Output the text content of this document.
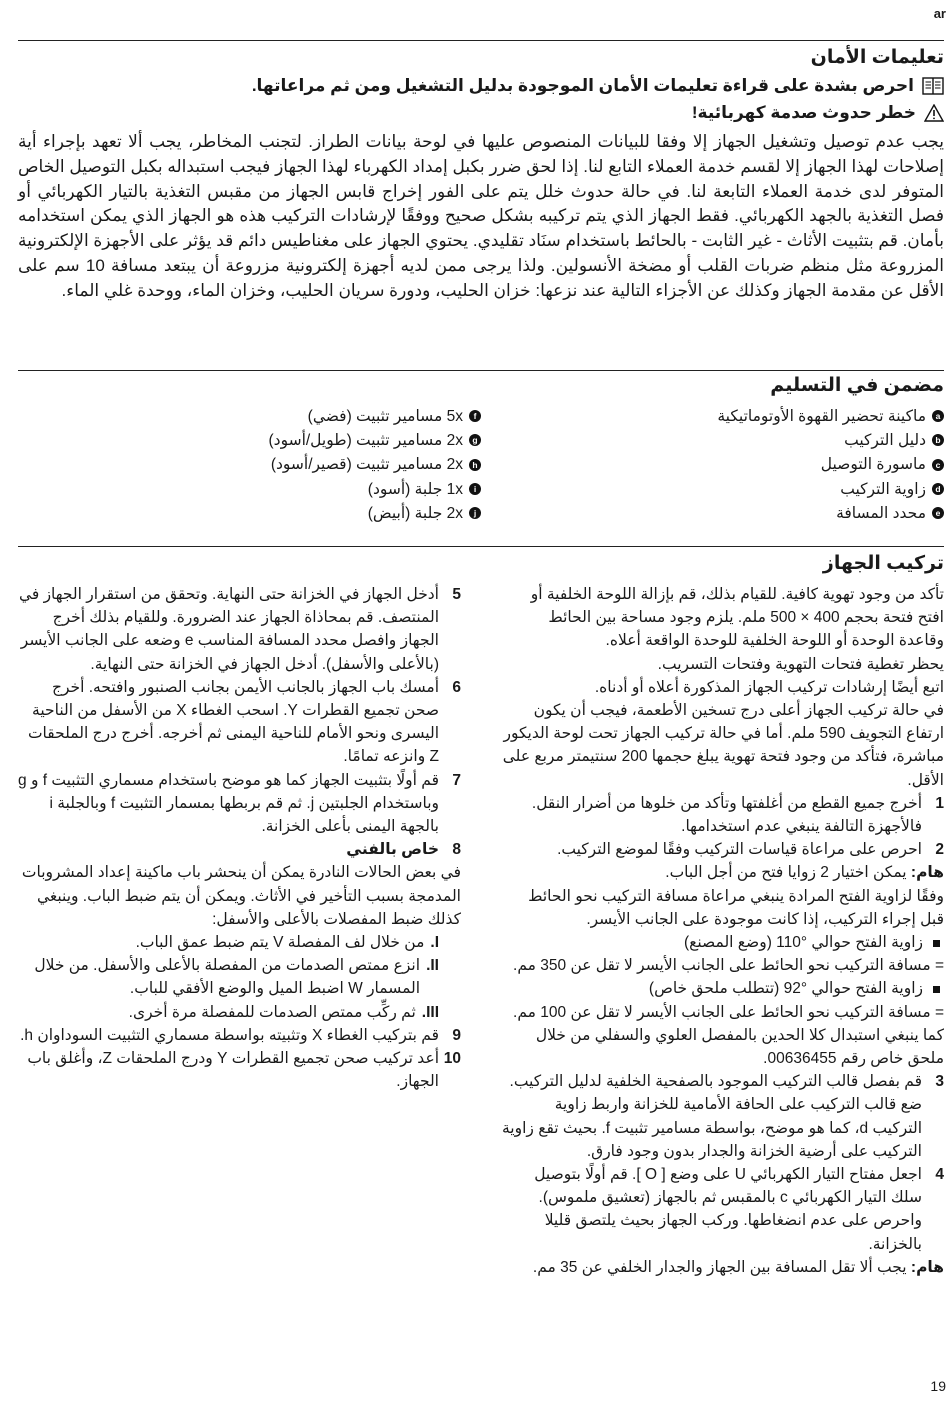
ar
تعليمات الأمان
احرص بشدة على قراءة تعليمات الأمان الموجودة بدليل التشغيل ومن ثم مراعاتها.
خطر حدوث صدمة كهربائية!

يجب عدم توصيل وتشغيل الجهاز إلا وفقا للبيانات المنصوص عليها في لوحة بيانات الطراز. لتجنب المخاطر، يجب ألا تعهد بإجراء أية إصلاحات لهذا الجهاز إلا لقسم خدمة العملاء التابع لنا. إذا لحق ضرر بكبل إمداد الكهرباء لهذا الجهاز فيجب استبداله بكبل التوصيل الخاص المتوفر لدى خدمة العملاء التابعة لنا. في حالة حدوث خلل يتم على الفور إخراج قابس الجهاز من مقبس التغذية بالتيار الكهربائي أو فصل التغذية بالجهد الكهربائي. فقط الجهاز الذي يتم تركيبه بشكل صحيح ووفقًا لإرشادات التركيب هذه هو الجهاز الذي يمكن استخدامه بأمان. قم بتثبيت الأثاث - غير الثابت - بالحائط باستخدام سنَاد تقليدي. يحتوي الجهاز على مغناطيس دائم قد يؤثر على الأجهزة الإلكترونية المزروعة مثل منظم ضربات القلب أو مضخة الأنسولين. ولذا يرجى ممن لديه أجهزة إلكترونية مزروعة أن يبتعد مسافة 10 سم على الأقل عن مقدمة الجهاز وكذلك عن الأجزاء التالية عند نزعها: خزان الحليب، ودورة سريان الحليب، وخزان الماء، ووحدة غلي الماء.

مضمن في التسليم
a
ماكينة تحضير القهوة الأوتوماتيكية
b
دليل التركيب
c
ماسورة التوصيل
d
زاوية التركيب
e
محدد المسافة
f
5x مسامير تثبيت (فضي)
g
2x مسامير تثبيت (طويل/أسود)
h
2x مسامير تثبيت (قصير/أسود)
i
1x جلبة (أسود)
j
2x جلبة (أبيض)
تركيب الجهاز

تأكد من وجود تهوية كافية. للقيام بذلك، قم بإزالة اللوحة الخلفية أو افتح فتحة بحجم 400 × 500 ملم. يلزم وجود مساحة بين الحائط وقاعدة الوحدة أو اللوحة الخلفية للوحدة الواقعة أعلاه.

يحظر تغطية فتحات التهوية وفتحات التسريب.

اتبع أيضًا إرشادات تركيب الجهاز المذكورة أعلاه أو أدناه.

في حالة تركيب الجهاز أعلى درج تسخين الأطعمة، فيجب أن يكون ارتفاع التجويف 590 ملم. أما في حالة تركيب الجهاز تحت لوحة الديكور مباشرة، فتأكد من وجود فتحة تهوية يبلغ حجمها 200 سنتيمتر مربع على الأقل.

1
أخرج جميع القطع من أغلفتها وتأكد من خلوها من أضرار النقل.

فالأجهزة التالفة ينبغي عدم استخدامها.

2
احرص على مراعاة قياسات التركيب وفقًا لموضع التركيب.

هام: يمكن اختيار 2 زوايا فتح من أجل الباب.

وفقًا لزاوية الفتح المرادة ينبغي مراعاة مسافة التركيب نحو الحائط قبل إجراء التركيب، إذا كانت موجودة على الجانب الأيسر.

زاوية الفتح حوالي °110 (وضع المصنع)

= مسافة التركيب نحو الحائط على الجانب الأيسر لا تقل عن 350 مم.

زاوية الفتح حوالي °92 (تتطلب ملحق خاص)

= مسافة التركيب نحو الحائط على الجانب الأيسر لا تقل عن 100 مم.

كما ينبغي استبدال كلا الحدين بالمفصل العلوي والسفلي من خلال ملحق خاص رقم 00636455.

3
قم بفصل قالب التركيب الموجود بالصفحية الخلفية لدليل التركيب. ضع قالب التركيب على الحافة الأمامية للخزانة واربط زاوية التركيب d، كما هو موضح، بواسطة مسامير تثبيت f. بحيث تقع زاوية التركيب على أرضية الخزانة والجدار بدون وجود فارق.
4
اجعل مفتاح التيار الكهربائي U على وضع [ O ]. قم أولًا بتوصيل سلك التيار الكهربائي c بالمقبس ثم بالجهاز (تعشيق ملموس). واحرص على عدم انضغاطها. وركب الجهاز بحيث يلتصق قليلا بالخزانة.

هام: يجب ألا تقل المسافة بين الجهاز والجدار الخلفي عن 35 مم.

5
أدخل الجهاز في الخزانة حتى النهاية. وتحقق من استقرار الجهاز في المنتصف. قم بمحاذاة الجهاز عند الضرورة. وللقيام بذلك أخرج الجهاز وافصل محدد المسافة المناسب e وضعه على الجانب الأيسر (بالأعلى والأسفل). أدخل الجهاز في الخزانة حتى النهاية.
6
أمسك باب الجهاز بالجانب الأيمن بجانب الصنبور وافتحه. أخرج صحن تجميع القطرات Y. اسحب الغطاء X من الأسفل من الناحية اليسرى ونحو الأمام للناحية اليمنى ثم أخرجه. أخرج درج الملحقات Z وانزعه تمامًا.
7
قم أولًا بتثبيت الجهاز كما هو موضح باستخدام مسماري التثبيت f و g وباستخدام الجلبتين j. ثم قم بربطها بمسمار التثبيت f وبالجلبة i بالجهة اليمنى بأعلى الخزانة.
8
خاص بالفني

في بعض الحالات النادرة يمكن أن ينحشر باب ماكينة إعداد المشروبات المدمجة بسبب التأخير في الأثاث. ويمكن أن يتم ضبط الباب. وينبغي كذلك ضبط المفصلات بالأعلى والأسفل:

I.
من خلال لف المفصلة V يتم ضبط عمق الباب.
II.
انزع ممتص الصدمات من المفصلة بالأعلى والأسفل. من خلال المسمار W اضبط الميل والوضع الأفقي للباب.
III.
ثم ركِّب ممتص الصدمات للمفصلة مرة أخرى.
9
قم بتركيب الغطاء X وتثبيته بواسطة مسماري التثبيت السوداوان h.
10
أعد تركيب صحن تجميع القطرات Y ودرج الملحقات Z، وأغلق باب الجهاز.
19
